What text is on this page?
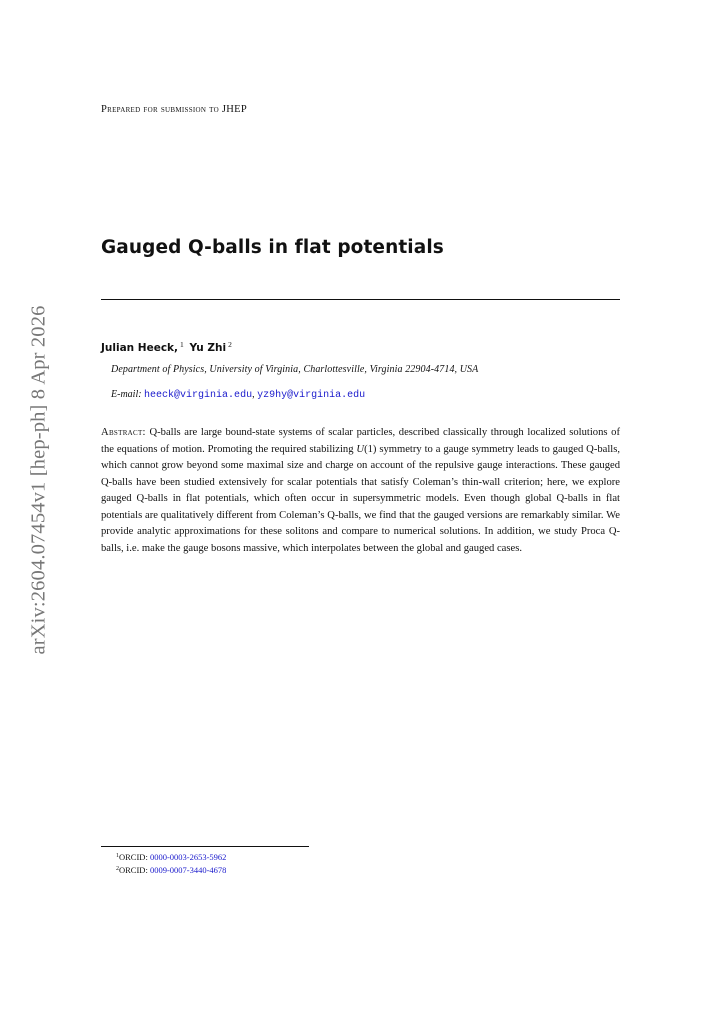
arXiv:2604.07454v1 [hep-ph] 8 Apr 2026
Prepared for submission to JHEP
Gauged Q-balls in flat potentials
Julian Heeck, $^1$ Yu Zhi $^2$
Department of Physics, University of Virginia, Charlottesville, Virginia 22904-4714, USA
E-mail: heeck@virginia.edu, yz9hy@virginia.edu

Abstract: Q-balls are large bound-state systems of scalar particles, described classically through localized solutions of the equations of motion. Promoting the required stabilizing U(1) symmetry to a gauge symmetry leads to gauged Q-balls, which cannot grow beyond some maximal size and charge on account of the repulsive gauge interactions. These gauged Q-balls have been studied extensively for scalar potentials that satisfy Coleman’s thin-wall criterion; here, we explore gauged Q-balls in flat potentials, which often occur in supersymmetric models. Even though global Q-balls in flat potentials are qualitatively different from Coleman’s Q-balls, we find that the gauged versions are remarkably similar. We provide analytic approximations for these solitons and compare to numerical solutions. In addition, we study Proca Q-balls, i.e. make the gauge bosons massive, which interpolates between the global and gauged cases.

$^1$ORCID: 0000-0003-2653-5962
$^2$ORCID: 0009-0007-3440-4678
